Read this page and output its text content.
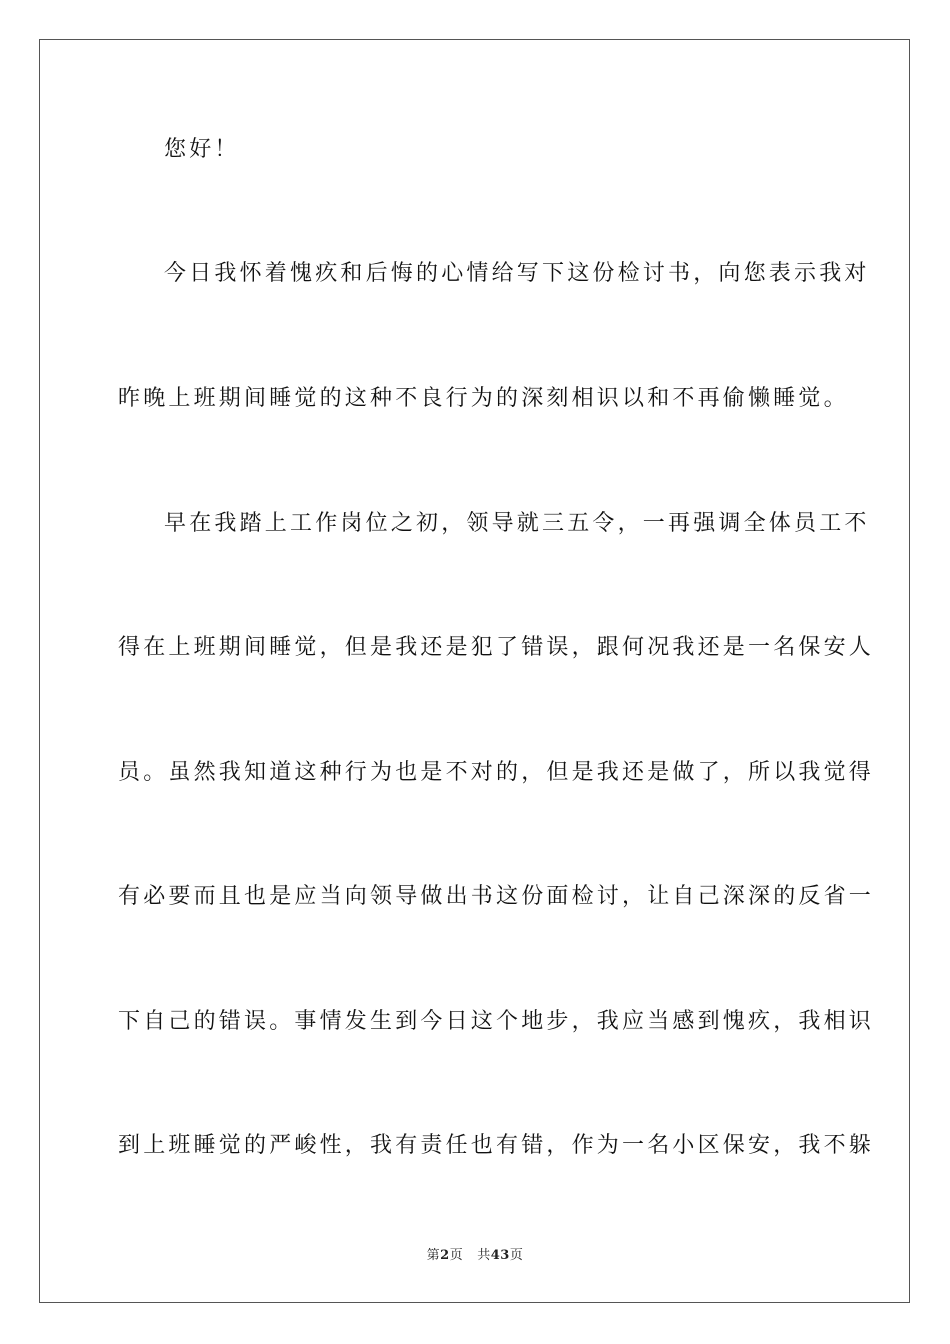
您好！
今日我怀着愧疚和后悔的心情给写下这份检讨书，向您表示我对
昨晚上班期间睡觉的这种不良行为的深刻相识以和不再偷懒睡觉。
早在我踏上工作岗位之初，领导就三五令，一再强调全体员工不
得在上班期间睡觉，但是我还是犯了错误，跟何况我还是一名保安人
员。虽然我知道这种行为也是不对的，但是我还是做了，所以我觉得
有必要而且也是应当向领导做出书这份面检讨，让自己深深的反省一
下自己的错误。事情发生到今日这个地步，我应当感到愧疚，我相识
到上班睡觉的严峻性，我有责任也有错，作为一名小区保安，我不躲
第2页 共43页
